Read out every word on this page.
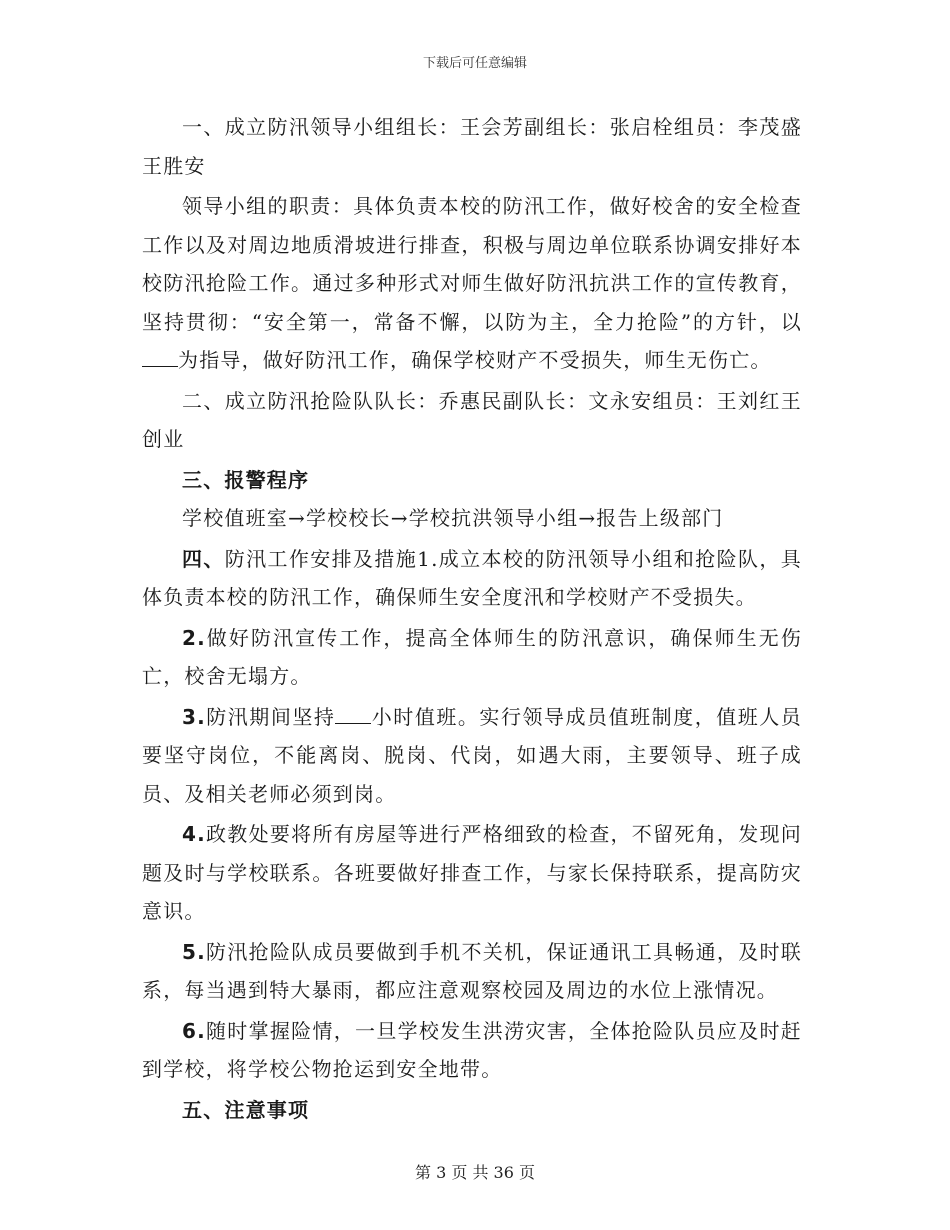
下载后可任意编辑

一、成立防汛领导小组组长：王会芳副组长：张启栓组员：李茂盛王胜安

领导小组的职责：具体负责本校的防汛工作，做好校舍的安全检查工作以及对周边地质滑坡进行排查，积极与周边单位联系协调安排好本校防汛抢险工作。通过多种形式对师生做好防汛抗洪工作的宣传教育，坚持贯彻：“安全第一，常备不懈，以防为主，全力抢险”的方针，以为指导，做好防汛工作，确保学校财产不受损失，师生无伤亡。

二、成立防汛抢险队队长：乔惠民副队长：文永安组员：王刘红王创业

三、报警程序

学校值班室→学校校长→学校抗洪领导小组→报告上级部门

四、防汛工作安排及措施1.成立本校的防汛领导小组和抢险队，具体负责本校的防汛工作，确保师生安全度汛和学校财产不受损失。

2.做好防汛宣传工作，提高全体师生的防汛意识，确保师生无伤亡，校舍无塌方。

3.防汛期间坚持 小时值班。实行领导成员值班制度，值班人员要坚守岗位，不能离岗、脱岗、代岗，如遇大雨，主要领导、班子成员、及相关老师必须到岗。

4.政教处要将所有房屋等进行严格细致的检查，不留死角，发现问题及时与学校联系。各班要做好排查工作，与家长保持联系，提高防灾意识。

5.防汛抢险队成员要做到手机不关机，保证通讯工具畅通，及时联系，每当遇到特大暴雨，都应注意观察校园及周边的水位上涨情况。

6.随时掌握险情，一旦学校发生洪涝灾害，全体抢险队员应及时赶到学校，将学校公物抢运到安全地带。

五、注意事项

第 3 页 共 36 页
